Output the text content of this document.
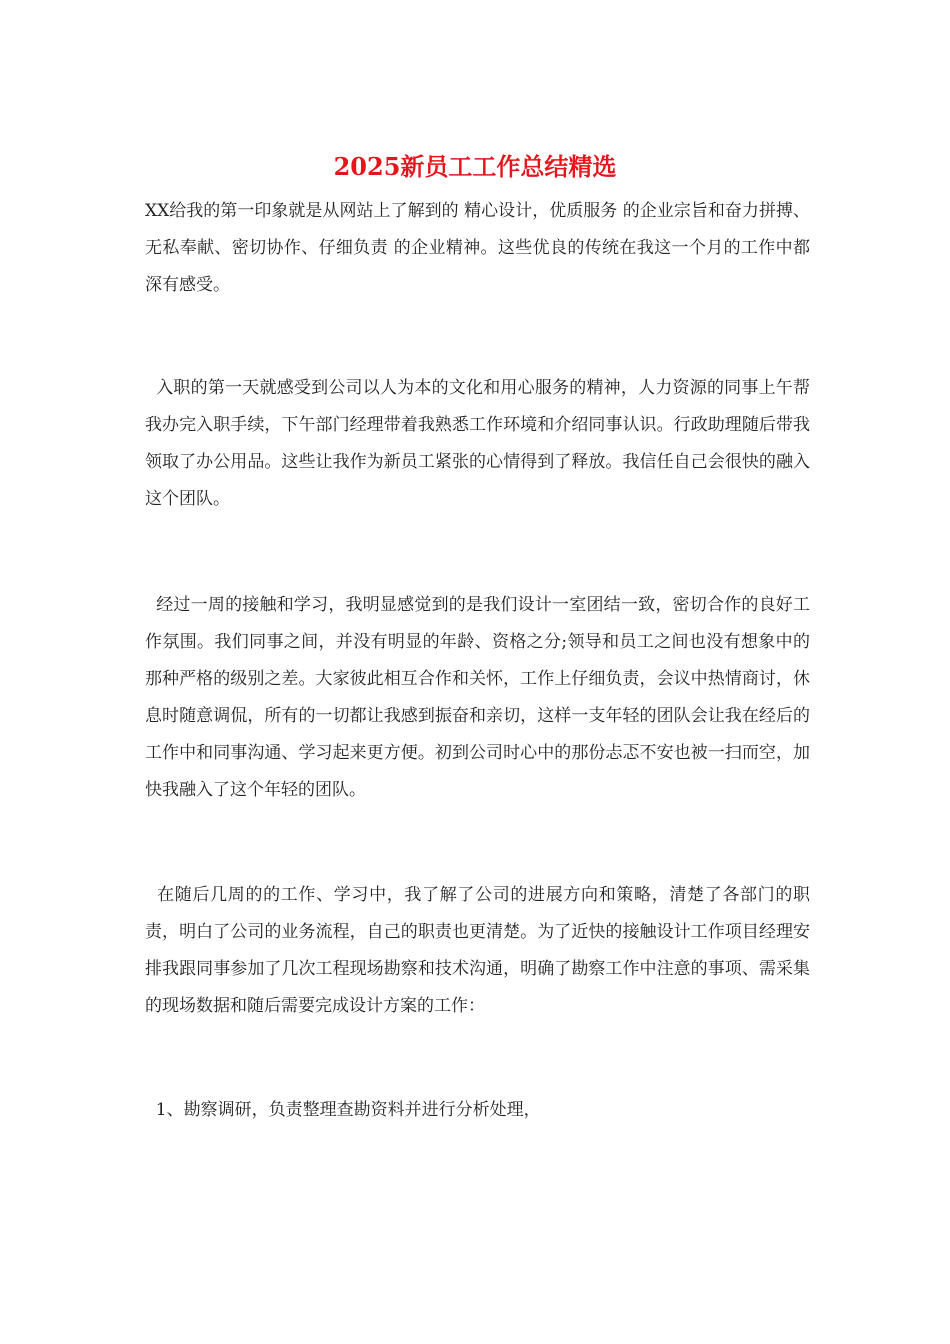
2025新员工工作总结精选

XX给我的第一印象就是从网站上了解到的 精心设计，优质服务 的企业宗旨和奋力拼搏、无私奉献、密切协作、仔细负责 的企业精神。这些优良的传统在我这一个月的工作中都深有感受。

入职的第一天就感受到公司以人为本的文化和用心服务的精神，人力资源的同事上午帮我办完入职手续，下午部门经理带着我熟悉工作环境和介绍同事认识。行政助理随后带我领取了办公用品。这些让我作为新员工紧张的心情得到了释放。我信任自己会很快的融入这个团队。

经过一周的接触和学习，我明显感觉到的是我们设计一室团结一致，密切合作的良好工作氛围。我们同事之间，并没有明显的年龄、资格之分;领导和员工之间也没有想象中的那种严格的级别之差。大家彼此相互合作和关怀，工作上仔细负责，会议中热情商讨，休息时随意调侃，所有的一切都让我感到振奋和亲切，这样一支年轻的团队会让我在经后的工作中和同事沟通、学习起来更方便。初到公司时心中的那份忐忑不安也被一扫而空，加快我融入了这个年轻的团队。

在随后几周的的工作、学习中，我了解了公司的进展方向和策略，清楚了各部门的职责，明白了公司的业务流程，自己的职责也更清楚。为了近快的接触设计工作项目经理安排我跟同事参加了几次工程现场勘察和技术沟通，明确了勘察工作中注意的事项、需采集的现场数据和随后需要完成设计方案的工作：

1、勘察调研，负责整理查勘资料并进行分析处理，
